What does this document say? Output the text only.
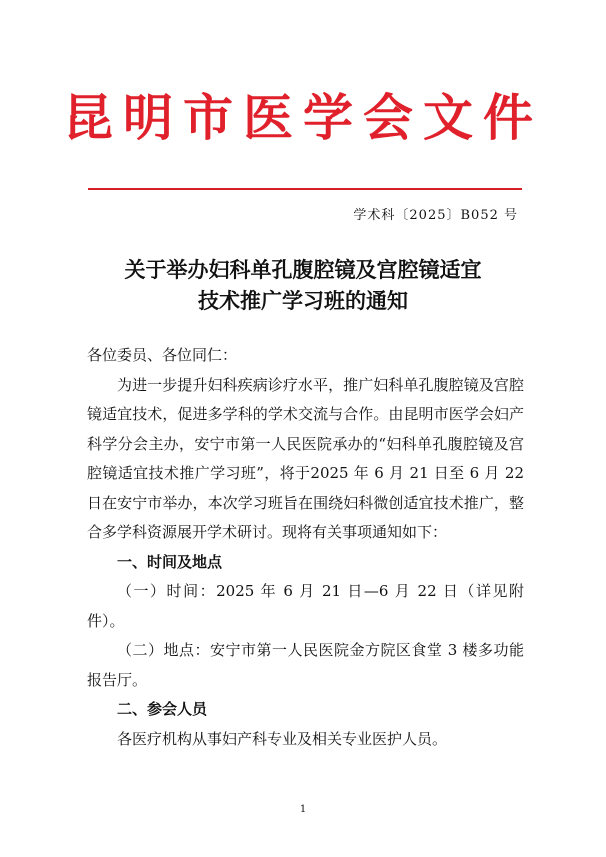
昆明市医学会文件
学术科〔2025〕B052 号
关于举办妇科单孔腹腔镜及宫腔镜适宜
技术推广学习班的通知

各位委员、各位同仁：

为进一步提升妇科疾病诊疗水平，推广妇科单孔腹腔镜及宫腔镜适宜技术，促进多学科的学术交流与合作。由昆明市医学会妇产科学分会主办，安宁市第一人民医院承办的“妇科单孔腹腔镜及宫腔镜适宜技术推广学习班”，将于2025 年 6 月 21 日至 6 月 22 日在安宁市举办，本次学习班旨在围绕妇科微创适宜技术推广，整合多学科资源展开学术研讨。现将有关事项通知如下：

一、时间及地点

（一）时间：2025 年 6 月 21 日—6 月 22 日（详见附件）。

（二）地点：安宁市第一人民医院金方院区食堂 3 楼多功能报告厅。

二、参会人员

各医疗机构从事妇产科专业及相关专业医护人员。

1
